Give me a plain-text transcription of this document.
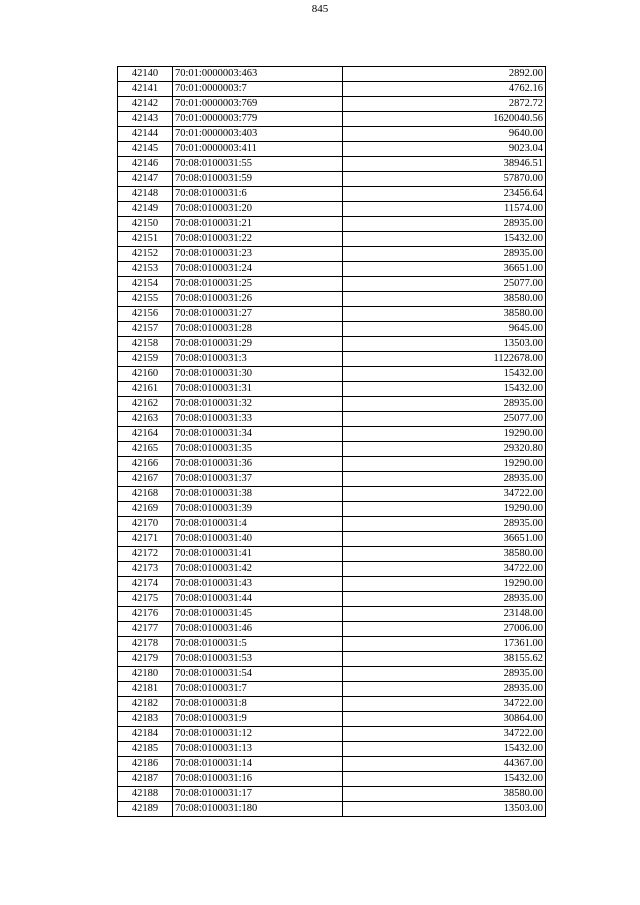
845
42140	70:01:0000003:463	2892.00
42141	70:01:0000003:7	4762.16
42142	70:01:0000003:769	2872.72
42143	70:01:0000003:779	1620040.56
42144	70:01:0000003:403	9640.00
42145	70:01:0000003:411	9023.04
42146	70:08:0100031:55	38946.51
42147	70:08:0100031:59	57870.00
42148	70:08:0100031:6	23456.64
42149	70:08:0100031:20	11574.00
42150	70:08:0100031:21	28935.00
42151	70:08:0100031:22	15432.00
42152	70:08:0100031:23	28935.00
42153	70:08:0100031:24	36651.00
42154	70:08:0100031:25	25077.00
42155	70:08:0100031:26	38580.00
42156	70:08:0100031:27	38580.00
42157	70:08:0100031:28	9645.00
42158	70:08:0100031:29	13503.00
42159	70:08:0100031:3	1122678.00
42160	70:08:0100031:30	15432.00
42161	70:08:0100031:31	15432.00
42162	70:08:0100031:32	28935.00
42163	70:08:0100031:33	25077.00
42164	70:08:0100031:34	19290.00
42165	70:08:0100031:35	29320.80
42166	70:08:0100031:36	19290.00
42167	70:08:0100031:37	28935.00
42168	70:08:0100031:38	34722.00
42169	70:08:0100031:39	19290.00
42170	70:08:0100031:4	28935.00
42171	70:08:0100031:40	36651.00
42172	70:08:0100031:41	38580.00
42173	70:08:0100031:42	34722.00
42174	70:08:0100031:43	19290.00
42175	70:08:0100031:44	28935.00
42176	70:08:0100031:45	23148.00
42177	70:08:0100031:46	27006.00
42178	70:08:0100031:5	17361.00
42179	70:08:0100031:53	38155.62
42180	70:08:0100031:54	28935.00
42181	70:08:0100031:7	28935.00
42182	70:08:0100031:8	34722.00
42183	70:08:0100031:9	30864.00
42184	70:08:0100031:12	34722.00
42185	70:08:0100031:13	15432.00
42186	70:08:0100031:14	44367.00
42187	70:08:0100031:16	15432.00
42188	70:08:0100031:17	38580.00
42189	70:08:0100031:180	13503.00
